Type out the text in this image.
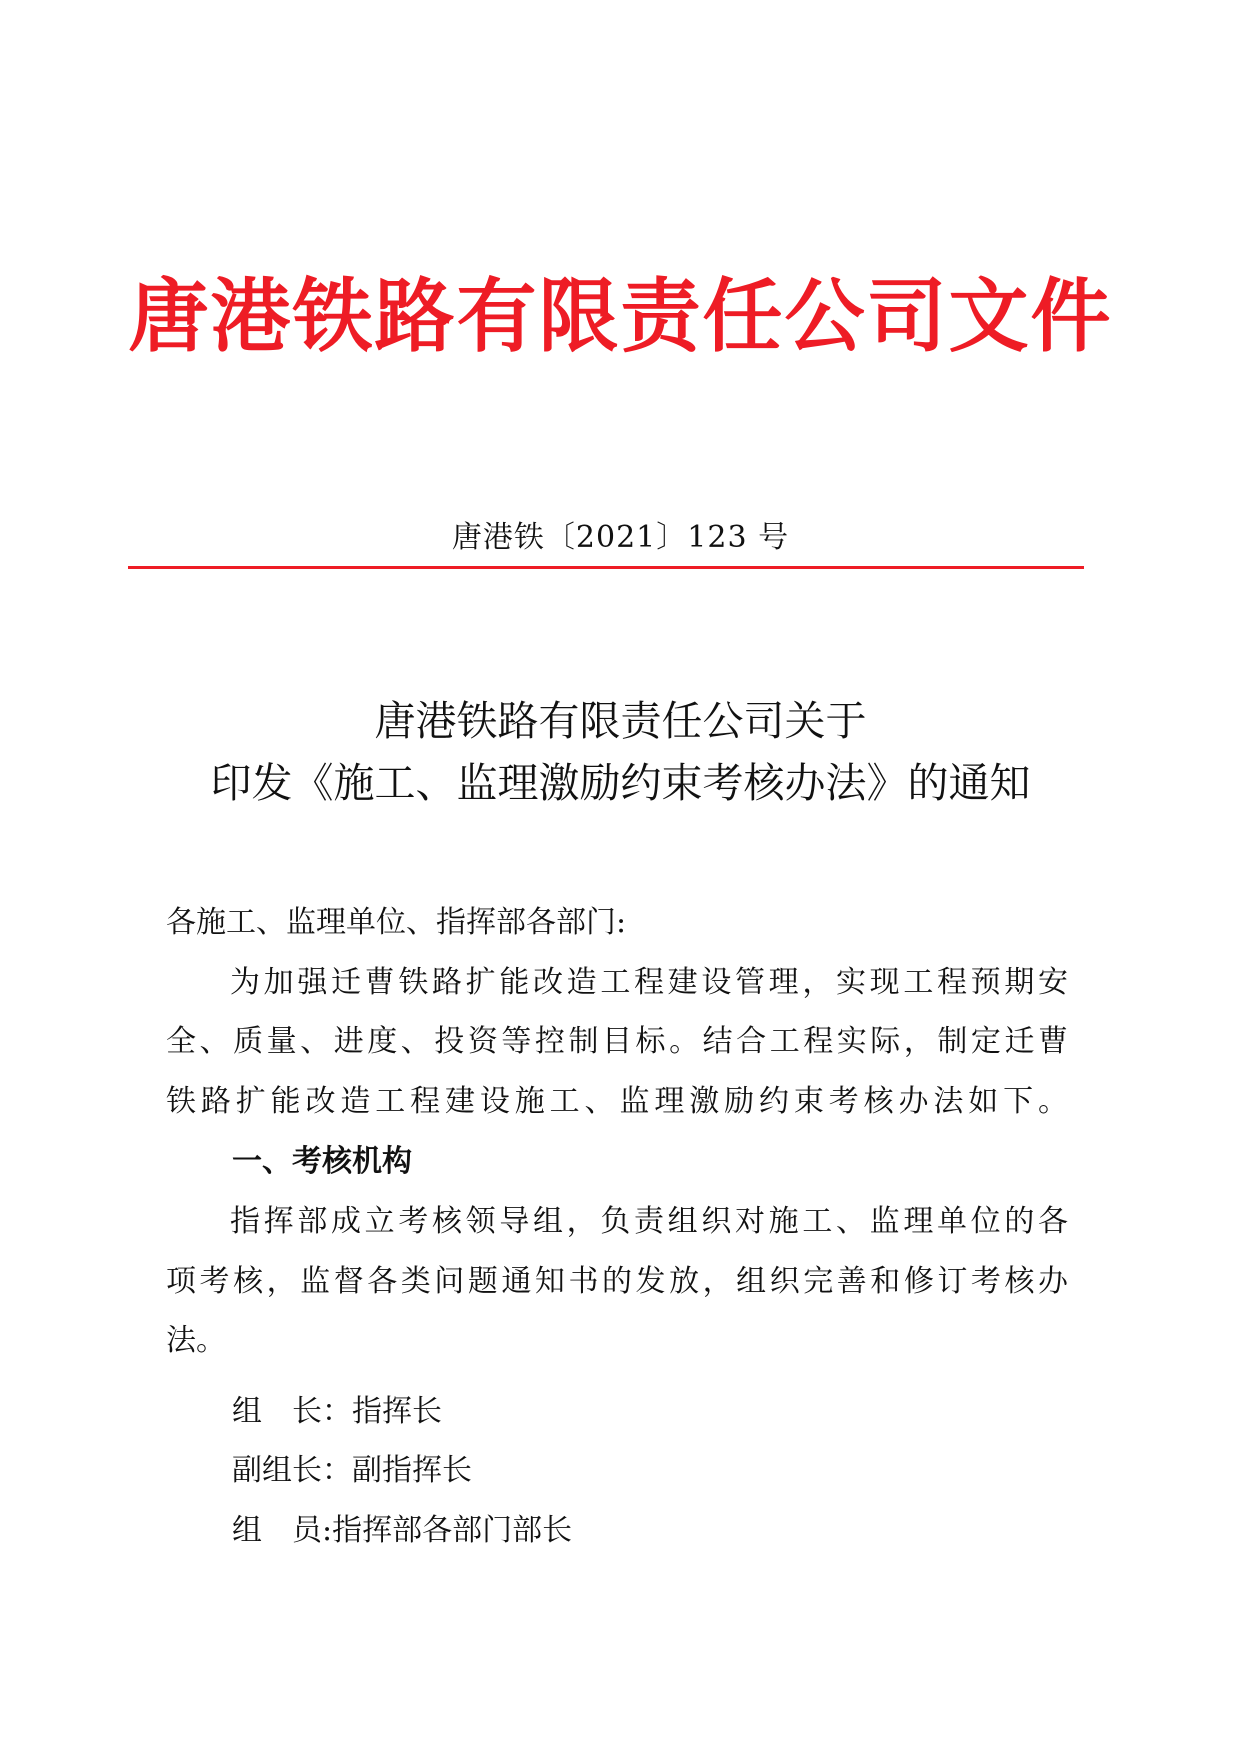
唐港铁路有限责任公司文件
唐港铁〔2021〕123 号
唐港铁路有限责任公司关于
印发《施工、监理激励约束考核办法》的通知
各施工、监理单位、指挥部各部门:
为加强迁曹铁路扩能改造工程建设管理，实现工程预期安
全、质量、进度、投资等控制目标。结合工程实际，制定迁曹
铁路扩能改造工程建设施工、监理激励约束考核办法如下。
一、考核机构
指挥部成立考核领导组，负责组织对施工、监理单位的各
项考核，监督各类问题通知书的发放，组织完善和修订考核办
法。
组　长：指挥长
副组长：副指挥长
组　员:指挥部各部门部长
